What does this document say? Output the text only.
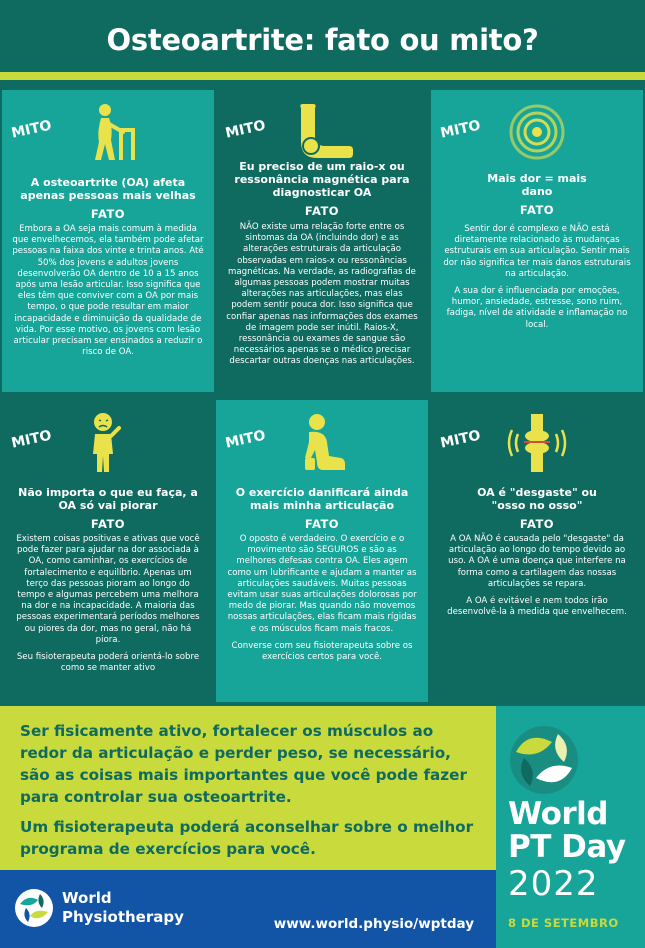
Osteoartrite: fato ou mito?
MITO
A osteoartrite (OA) afeta apenas pessoas mais velhas
FATO

Embora a OA seja mais comum à medida que envelhecemos, ela também pode afetar pessoas na faixa dos vinte e trinta anos. Até 50% dos jovens e adultos jovens desenvolverão OA dentro de 10 a 15 anos após uma lesão articular. Isso significa que eles têm que conviver com a OA por mais tempo, o que pode resultar em maior incapacidade e diminuição da qualidade de vida. Por esse motivo, os jovens com lesão articular precisam ser ensinados a reduzir o risco de OA.

MITO
Eu preciso de um raio-x ou ressonância magnética para diagnosticar OA
FATO

NÃO existe uma relação forte entre os sintomas da OA (incluindo dor) e as alterações estruturais da articulação observadas em raios-x ou ressonâncias magnéticas. Na verdade, as radiografias de algumas pessoas podem mostrar muitas alterações nas articulações, mas elas podem sentir pouca dor. Isso significa que confiar apenas nas informações dos exames de imagem pode ser inútil. Raios-X, ressonância ou exames de sangue são necessários apenas se o médico precisar descartar outras doenças nas articulações.

MITO
Mais dor = mais dano
FATO

Sentir dor é complexo e NÃO está diretamente relacionado às mudanças estruturais em sua articulação. Sentir mais dor não significa ter mais danos estruturais na articulação.

A sua dor é influenciada por emoções, humor, ansiedade, estresse, sono ruim, fadiga, nível de atividade e inflamação no local.

MITO
Não importa o que eu faça, a OA só vai piorar
FATO

Existem coisas positivas e ativas que você pode fazer para ajudar na dor associada à OA, como caminhar, os exercícios de fortalecimento e equilíbrio. Apenas um terço das pessoas pioram ao longo do tempo e algumas percebem uma melhora na dor e na incapacidade. A maioria das pessoas experimentará períodos melhores ou piores da dor, mas no geral, não há piora.

Seu fisioterapeuta poderá orientá-lo sobre como se manter ativo

MITO
O exercício danificará ainda mais minha articulação
FATO

O oposto é verdadeiro. O exercício e o movimento são SEGUROS e são as melhores defesas contra OA. Eles agem como um lubrificante e ajudam a manter as articulações saudáveis. Muitas pessoas evitam usar suas articulações dolorosas por medo de piorar. Mas quando não movemos nossas articulações, elas ficam mais rígidas e os músculos ficam mais fracos.

Converse com seu fisioterapeuta sobre os exercícios certos para você.

MITO
OA é "desgaste" ou "osso no osso"
FATO

A OA NÃO é causada pelo "desgaste" da articulação ao longo do tempo devido ao uso. A OA é uma doença que interfere na forma como a cartilagem das nossas articulações se repara.

A OA é evitável e nem todos irão desenvolvê-la à medida que envelhecem.

Ser fisicamente ativo, fortalecer os músculos ao redor da articulação e perder peso, se necessário, são as coisas mais importantes que você pode fazer para controlar sua osteoartrite.

Um fisioterapeuta poderá aconselhar sobre o melhor programa de exercícios para você.

World
Physiotherapy	www.world.physio/wptday
World
PT Day
2022
8 DE SETEMBRO
